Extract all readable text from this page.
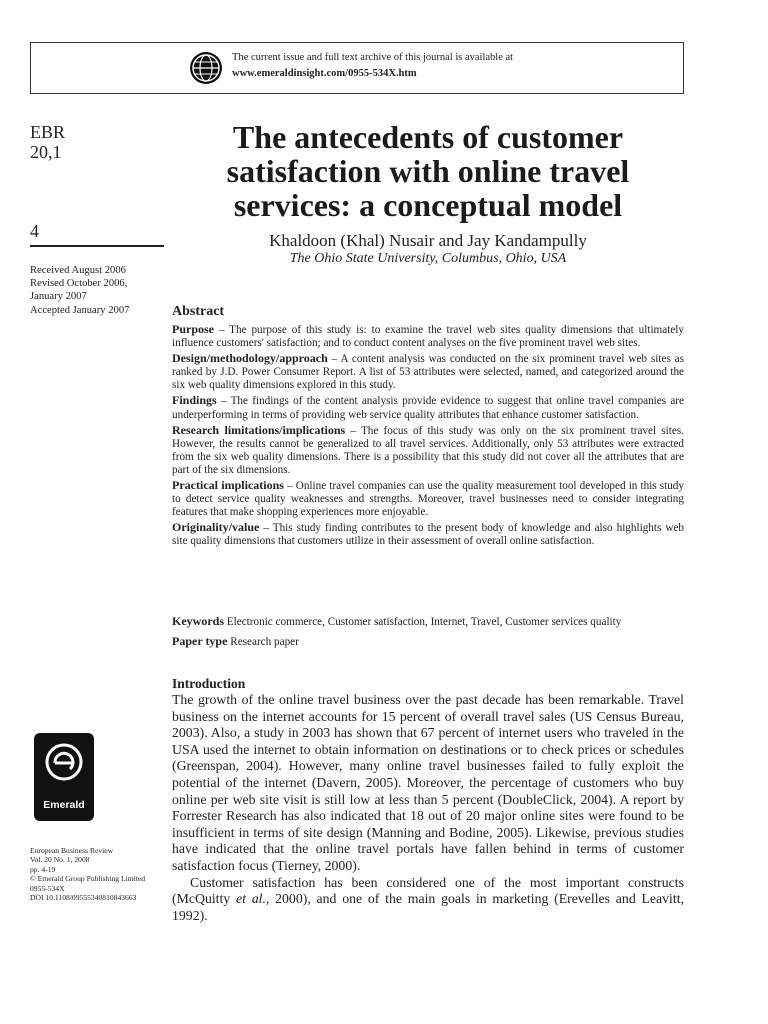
The current issue and full text archive of this journal is available at
www.emeraldinsight.com/0955-534X.htm
EBR
20,1
4
Received August 2006
Revised October 2006,
January 2007
Accepted January 2007
The antecedents of customer satisfaction with online travel services: a conceptual model
Khaldoon (Khal) Nusair and Jay Kandampully
The Ohio State University, Columbus, Ohio, USA
Abstract

Purpose – The purpose of this study is: to examine the travel web sites quality dimensions that ultimately influence customers' satisfaction; and to conduct content analyses on the five prominent travel web sites.

Design/methodology/approach – A content analysis was conducted on the six prominent travel web sites as ranked by J.D. Power Consumer Report. A list of 53 attributes were selected, named, and categorized around the six web quality dimensions explored in this study.

Findings – The findings of the content analysis provide evidence to suggest that online travel companies are underperforming in terms of providing web service quality attributes that enhance customer satisfaction.

Research limitations/implications – The focus of this study was only on the six prominent travel sites. However, the results cannot be generalized to all travel services. Additionally, only 53 attributes were extracted from the six web quality dimensions. There is a possibility that this study did not cover all the attributes that are part of the six dimensions.

Practical implications – Online travel companies can use the quality measurement tool developed in this study to detect service quality weaknesses and strengths. Moreover, travel businesses need to consider integrating features that make shopping experiences more enjoyable.

Originality/value – This study finding contributes to the present body of knowledge and also highlights web site quality dimensions that customers utilize in their assessment of overall online satisfaction.

Keywords Electronic commerce, Customer satisfaction, Internet, Travel, Customer services quality
Paper type Research paper
Introduction

The growth of the online travel business over the past decade has been remarkable. Travel business on the internet accounts for 15 percent of overall travel sales (US Census Bureau, 2003). Also, a study in 2003 has shown that 67 percent of internet users who traveled in the USA used the internet to obtain information on destinations or to check prices or schedules (Greenspan, 2004). However, many online travel businesses failed to fully exploit the potential of the internet (Davern, 2005). Moreover, the percentage of customers who buy online per web site visit is still low at less than 5 percent (DoubleClick, 2004). A report by Forrester Research has also indicated that 18 out of 20 major online sites were found to be insufficient in terms of site design (Manning and Bodine, 2005). Likewise, previous studies have indicated that the online travel portals have fallen behind in terms of customer satisfaction focus (Tierney, 2000).

Customer satisfaction has been considered one of the most important constructs (McQuitty et al., 2000), and one of the main goals in marketing (Erevelles and Leavitt, 1992).

Emerald
European Business Review
Vol. 20 No. 1, 2008
pp. 4-19
© Emerald Group Publishing Limited
0955-534X
DOI 10.1108/09555340810843663
